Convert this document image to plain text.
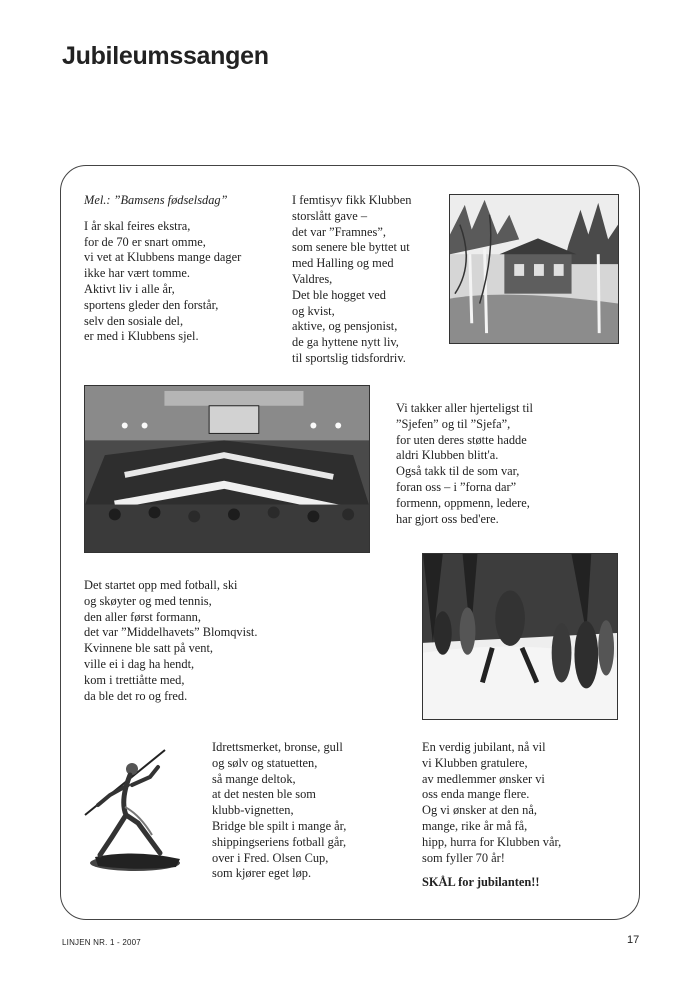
Jubileumssangen
Mel.: ”Bamsens fødselsdag”
I år skal feires ekstra,
for de 70 er snart omme,
vi vet at Klubbens mange dager
ikke har vært tomme.
Aktivt liv i alle år,
sportens gleder den forstår,
selv den sosiale del,
er med i Klubbens sjel.
I femtisyv fikk Klubben
storslått gave –
det var ”Framnes”,
som senere ble byttet ut
med Halling og med
Valdres,
Det ble hogget ved
og kvist,
aktive, og pensjonist,
de ga hyttene nytt liv,
til sportslig tidsfordriv.
Vi takker aller hjerteligst til
”Sjefen” og til ”Sjefa”,
for uten deres støtte hadde
aldri Klubben blitt'a.
Også takk til de som var,
foran oss – i ”forna dar”
formenn, oppmenn, ledere,
har gjort oss bed'ere.
Det startet opp med fotball, ski
og skøyter og med tennis,
den aller først formann,
det var ”Middelhavets” Blomqvist.
Kvinnene ble satt på vent,
ville ei i dag ha hendt,
kom i trettiåtte med,
da ble det ro og fred.
Idrettsmerket, bronse, gull
og sølv og statuetten,
så mange deltok,
at det nesten ble som
klubb-vignetten,
Bridge ble spilt i mange år,
shippingseriens fotball går,
over i Fred. Olsen Cup,
som kjører eget løp.
En verdig jubilant, nå vil
vi Klubben gratulere,
av medlemmer ønsker vi
oss enda mange flere.
Og vi ønsker at den nå,
mange, rike år må få,
hipp, hurra for Klubben vår,
som fyller 70 år!
SKÅL for jubilanten!!
LINJEN NR. 1 - 2007	17
